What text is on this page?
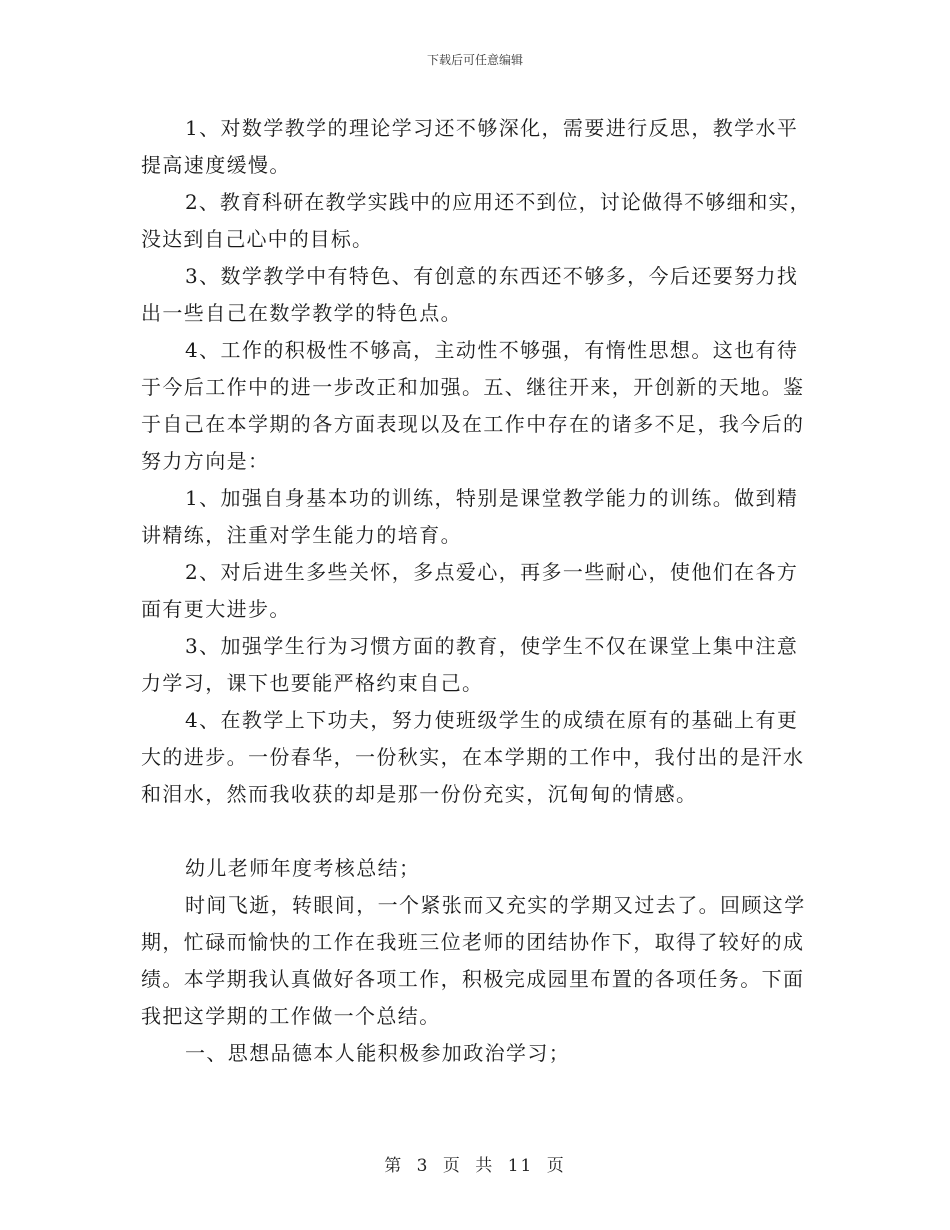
下载后可任意编辑

1、对数学教学的理论学习还不够深化，需要进行反思，教学水平提高速度缓慢。

2、教育科研在教学实践中的应用还不到位，讨论做得不够细和实，没达到自己心中的目标。

3、数学教学中有特色、有创意的东西还不够多，今后还要努力找出一些自己在数学教学的特色点。

4、工作的积极性不够高，主动性不够强，有惰性思想。这也有待于今后工作中的进一步改正和加强。五、继往开来，开创新的天地。鉴于自己在本学期的各方面表现以及在工作中存在的诸多不足，我今后的努力方向是：

1、加强自身基本功的训练，特别是课堂教学能力的训练。做到精讲精练，注重对学生能力的培育。

2、对后进生多些关怀，多点爱心，再多一些耐心，使他们在各方面有更大进步。

3、加强学生行为习惯方面的教育，使学生不仅在课堂上集中注意力学习，课下也要能严格约束自己。

4、在教学上下功夫，努力使班级学生的成绩在原有的基础上有更大的进步。一份春华，一份秋实，在本学期的工作中，我付出的是汗水和泪水，然而我收获的却是那一份份充实，沉甸甸的情感。

幼儿老师年度考核总结；

时间飞逝，转眼间，一个紧张而又充实的学期又过去了。回顾这学期，忙碌而愉快的工作在我班三位老师的团结协作下，取得了较好的成绩。本学期我认真做好各项工作，积极完成园里布置的各项任务。下面我把这学期的工作做一个总结。

一、思想品德本人能积极参加政治学习；

第 3 页 共 11 页
